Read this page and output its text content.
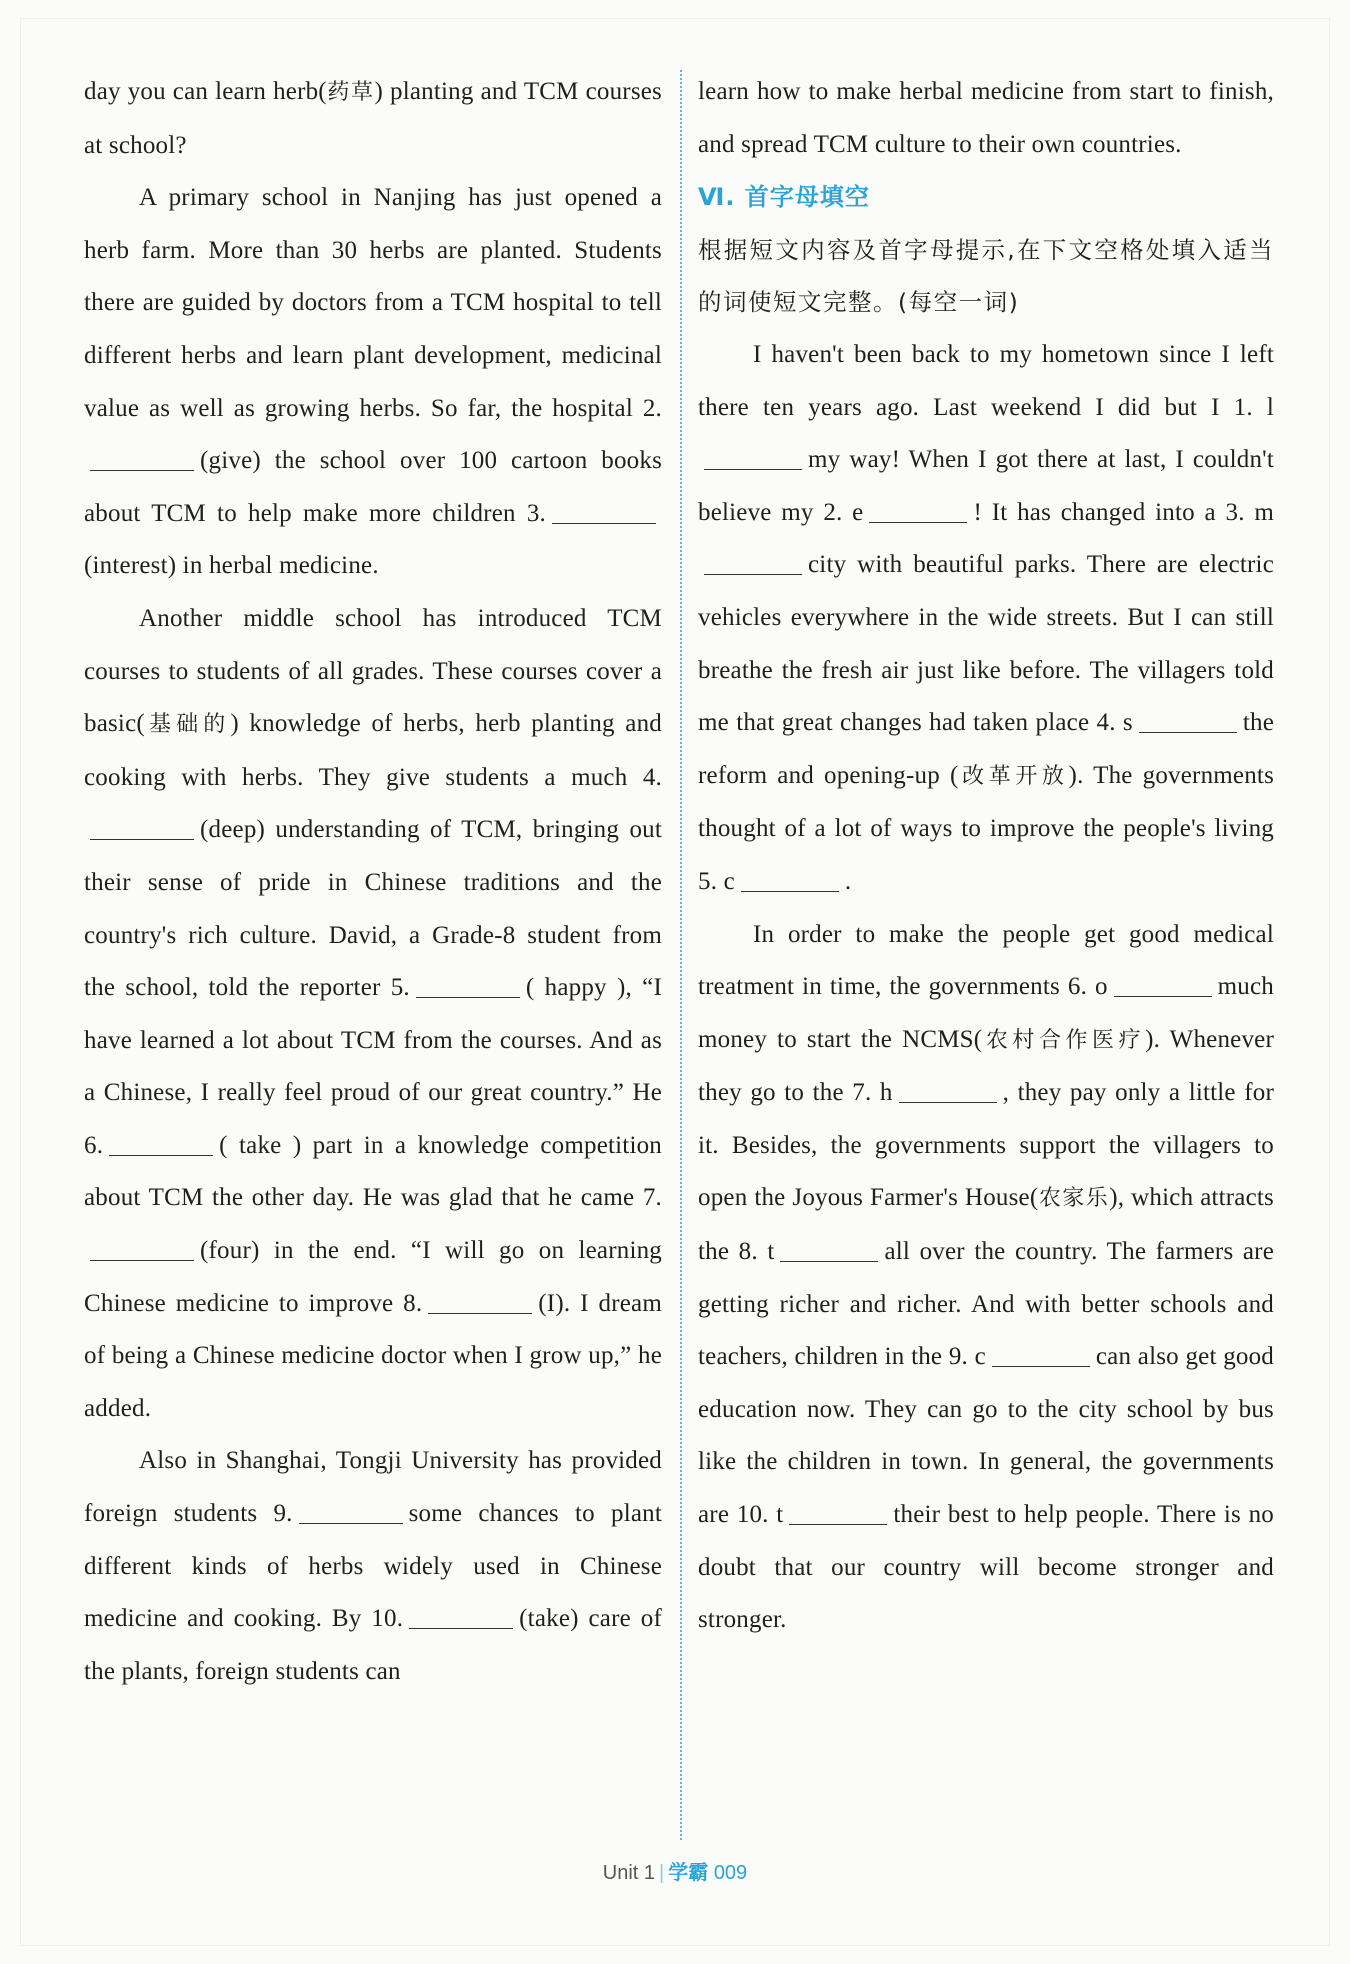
day you can learn herb(药草) planting and TCM courses at school?

A primary school in Nanjing has just opened a herb farm. More than 30 herbs are planted. Students there are guided by doctors from a TCM hospital to tell different herbs and learn plant development, medicinal value as well as growing herbs. So far, the hospital 2.(give) the school over 100 cartoon books about TCM to help make more children 3.(interest) in herbal medicine.

Another middle school has introduced TCM courses to students of all grades. These courses cover a basic(基础的) knowledge of herbs, herb planting and cooking with herbs. They give students a much 4.(deep) understanding of TCM, bringing out their sense of pride in Chinese traditions and the country's rich culture. David, a Grade-8 student from the school, told the reporter 5.	( happy ), “I have learned a lot about TCM from the courses. And as a Chinese, I really feel proud of our great country.” He 6.	( take ) part in a knowledge competition about TCM the other day. He was glad that he came 7.(four) in the end. “I will go on learning Chinese medicine to improve 8.	(I). I dream of being a Chinese medicine doctor when I grow up,” he added.

Also in Shanghai, Tongji University has provided foreign students 9.	some chances to plant different kinds of herbs widely used in Chinese medicine and cooking. By 10.	(take) care of the plants, foreign students can

learn how to make herbal medicine from start to finish, and spread TCM culture to their own countries.

Ⅵ. 首字母填空

根据短文内容及首字母提示,在下文空格处填入适当的词使短文完整。(每空一词)

I haven't been back to my hometown since I left there ten years ago. Last weekend I did but I 1. lmy way! When I got there at last, I couldn't believe my 2. e	! It has changed into a 3. mcity with beautiful parks. There are electric vehicles everywhere in the wide streets. But I can still breathe the fresh air just like before. The villagers told me that great changes had taken place 4. s	the reform and opening-up (改革开放). The governments thought of a lot of ways to improve the people's living 5. c	.

In order to make the people get good medical treatment in time, the governments 6. o	much money to start the NCMS(农村合作医疗). Whenever they go to the 7. h	, they pay only a little for it. Besides, the governments support the villagers to open the Joyous Farmer's House(农家乐), which attracts the 8. t	all over the country. The farmers are getting richer and richer. And with better schools and teachers, children in the 9. c	can also get good education now. They can go to the city school by bus like the children in town. In general, the governments are 10. t	their best to help people. There is no doubt that our country will become stronger and stronger.

Unit 1 | 学霸 009
